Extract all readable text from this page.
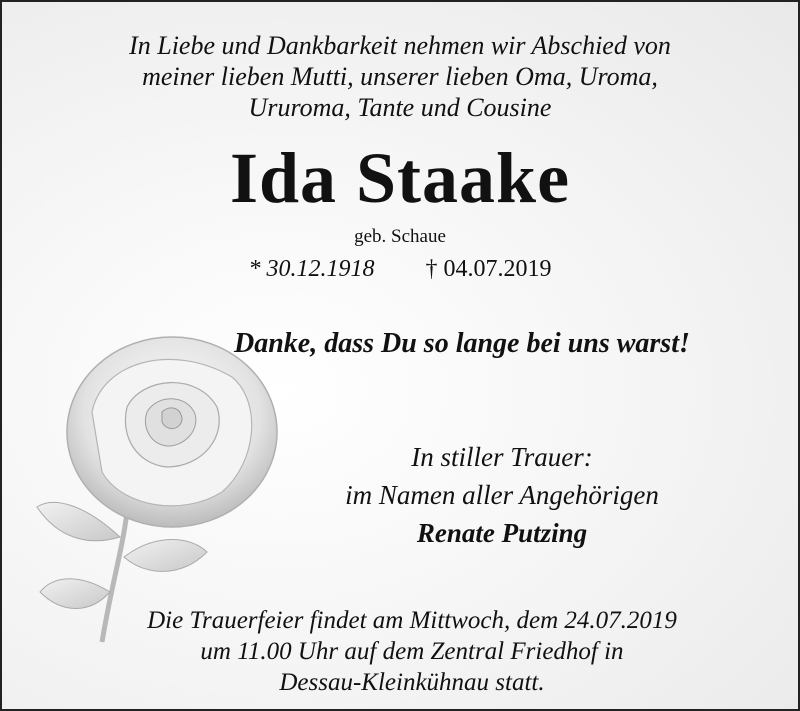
In Liebe und Dankbarkeit nehmen wir Abschied von
meiner lieben Mutti, unserer lieben Oma, Uroma,
Ururoma, Tante und Cousine
Ida Staake
geb. Schaue
* 30.12.1918 † 04.07.2019
Danke, dass Du so lange bei uns warst!
In stiller Trauer:
im Namen aller Angehörigen
Renate Putzing
Die Trauerfeier findet am Mittwoch, dem 24.07.2019
um 11.00 Uhr auf dem Zentral Friedhof in
Dessau-Kleinkühnau statt.
